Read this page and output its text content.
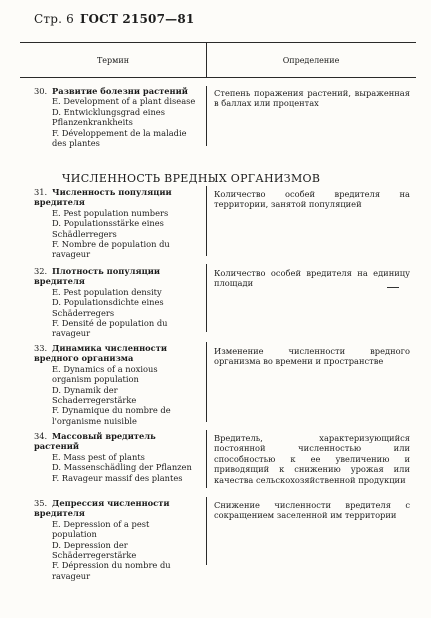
Стр. 6 ГОСТ 21507—81
Термин	Определение
30. Развитие болезни растений
E. Development of a plant disease
D. Entwicklungsgrad eines Pflanzenkrankheits
F. Développement de la maladie des plantes
Степень поражения растений, выраженная в баллах или процентах
ЧИСЛЕННОСТЬ ВРЕДНЫХ ОРГАНИЗМОВ
31. Численность популяции вредителя
E. Pest population numbers
D. Populationsstärke eines Schädlerregers
F. Nombre de population du ravageur
Количество особей вредителя на территории, занятой популяцией
32. Плотность популяции вредителя
E. Pest population density
D. Populationsdichte eines Schäderregers
F. Densité de population du ravageur
Количество особей вредителя на единицу площади
33. Динамика численности вредного организма
E. Dynamics of a noxious organism population
D. Dynamik der Schaderregerstärke
F. Dynamique du nombre de l'organisme nuisible
Изменение численности вредного организма во времени и пространстве
34. Массовый вредитель растений
E. Mass pest of plants
D. Massenschädling der Pflanzen
F. Ravageur massif des plantes
Вредитель, характеризующийся постоянной численностью или способностью к ее увеличению и приводящий к снижению урожая или качества сельскохозяйственной продукции
35. Депрессия численности вредителя
E. Depression of a pest population
D. Depression der Schäderregerstärke
F. Dépression du nombre du ravageur
Снижение численности вредителя с сокращением заселенной им территории
